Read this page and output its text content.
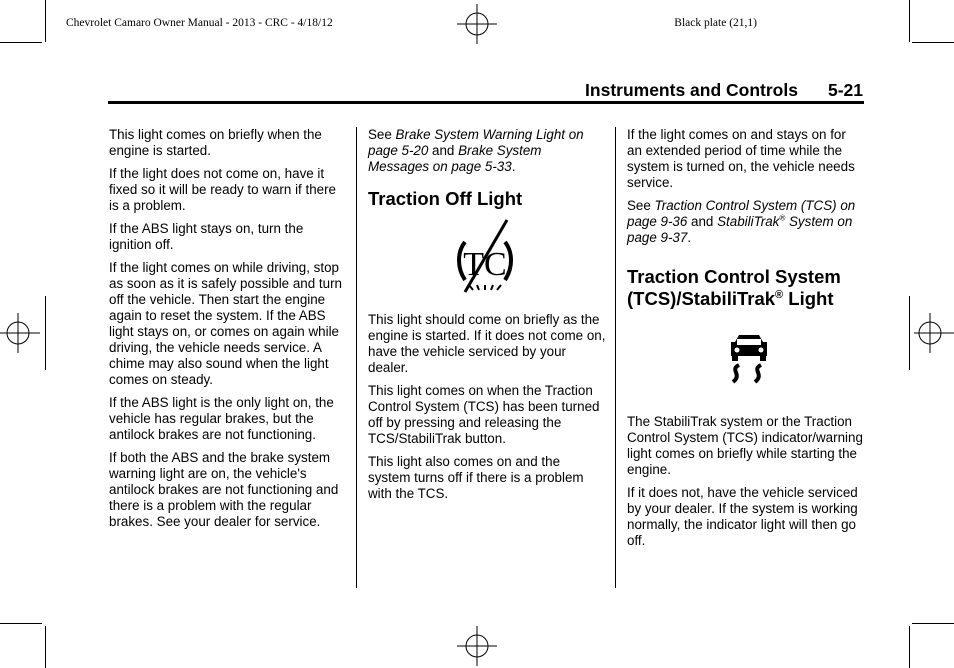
Chevrolet Camaro Owner Manual - 2013 - CRC - 4/18/12	Black plate (21,1)
Instruments and Controls 5-21

This light comes on briefly when the engine is started.

If the light does not come on, have it fixed so it will be ready to warn if there is a problem.

If the ABS light stays on, turn the ignition off.

If the light comes on while driving, stop as soon as it is safely possible and turn off the vehicle. Then start the engine again to reset the system. If the ABS light stays on, or comes on again while driving, the vehicle needs service. A chime may also sound when the light comes on steady.

If the ABS light is the only light on, the vehicle has regular brakes, but the antilock brakes are not functioning.

If both the ABS and the brake system warning light are on, the vehicle's antilock brakes are not functioning and there is a problem with the regular brakes. See your dealer for service.

See Brake System Warning Light on page 5-20 and Brake System Messages on page 5-33.

Traction Off Light
TC

This light should come on briefly as the engine is started. If it does not come on, have the vehicle serviced by your dealer.

This light comes on when the Traction Control System (TCS) has been turned off by pressing and releasing the TCS/StabiliTrak button.

This light also comes on and the system turns off if there is a problem with the TCS.

If the light comes on and stays on for an extended period of time while the system is turned on, the vehicle needs service.

See Traction Control System (TCS) on page 9-36 and StabiliTrak® System on page 9-37.

Traction Control System (TCS)/StabiliTrak® Light

The StabiliTrak system or the Traction Control System (TCS) indicator/warning light comes on briefly while starting the engine.

If it does not, have the vehicle serviced by your dealer. If the system is working normally, the indicator light will then go off.
